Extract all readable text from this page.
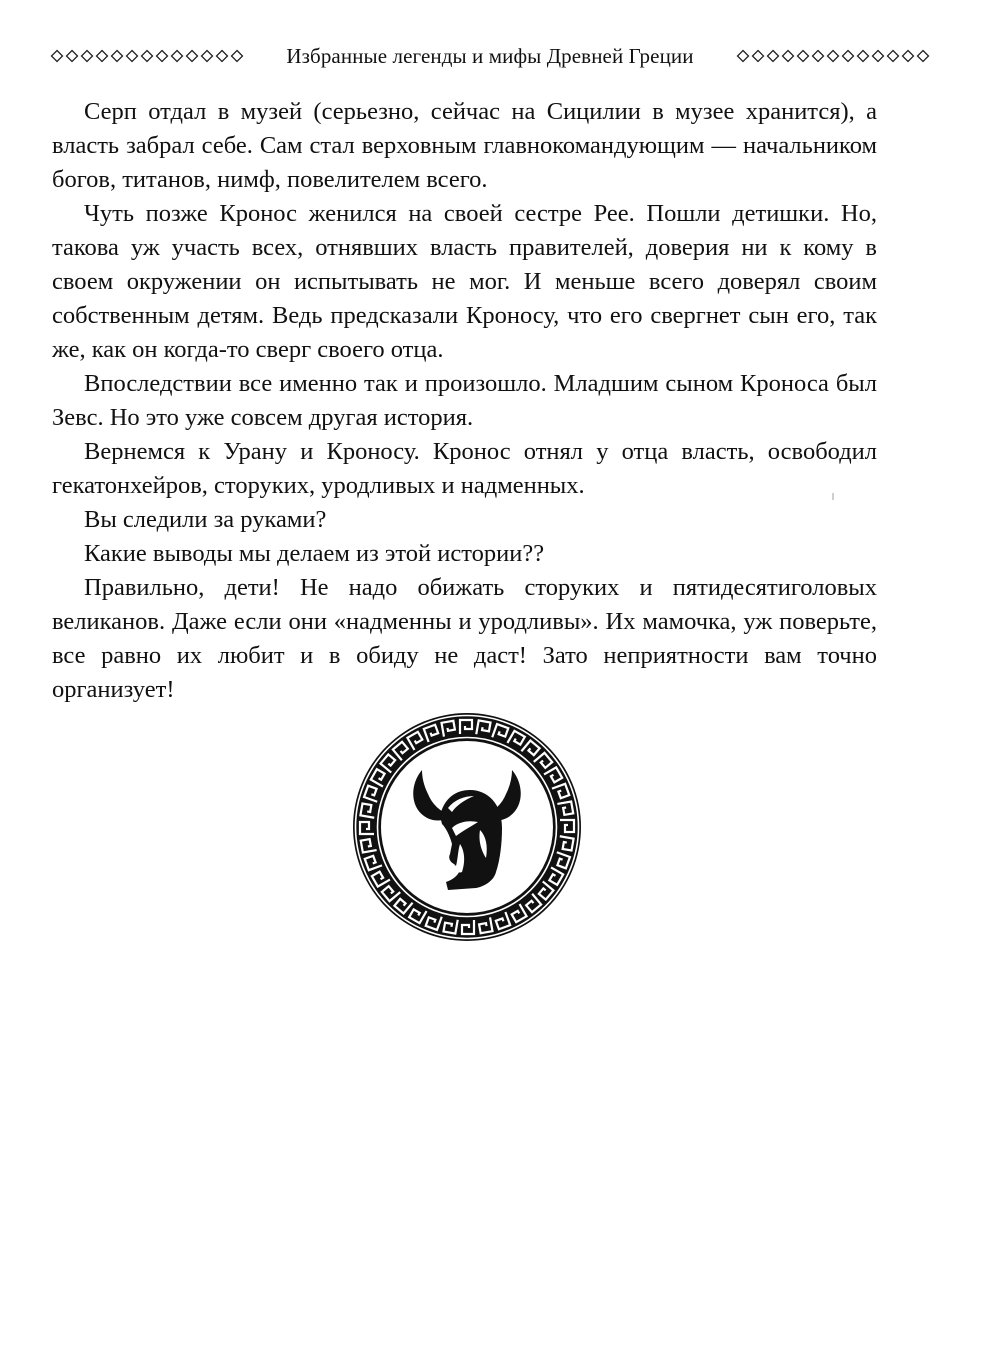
Избранные легенды и мифы Древней Греции

Серп отдал в музей (серьезно, сейчас на Сицилии в музее хранится), а власть забрал себе. Сам стал верховным главнокомандующим — начальником богов, титанов, нимф, повелителем всего.

Чуть позже Кронос женился на своей сестре Рее. Пошли детишки. Но, такова уж участь всех, отнявших власть правителей, доверия ни к кому в своем окружении он испытывать не мог. И меньше всего доверял своим собственным детям. Ведь предсказали Кроносу, что его свергнет сын его, так же, как он когда-то сверг своего отца.

Впоследствии все именно так и произошло. Младшим сыном Кроноса был Зевс. Но это уже совсем другая история.

Вернемся к Урану и Кроносу. Кронос отнял у отца власть, освободил гекатонхейров, сторуких, уродливых и надменных.

Вы следили за руками?

Какие выводы мы делаем из этой истории??

Правильно, дети! Не надо обижать сторуких и пятидесятиголовых великанов. Даже если они «надменны и уродливы». Их мамочка, уж поверьте, все равно их любит и в обиду не даст! Зато неприятности вам точно организует!
